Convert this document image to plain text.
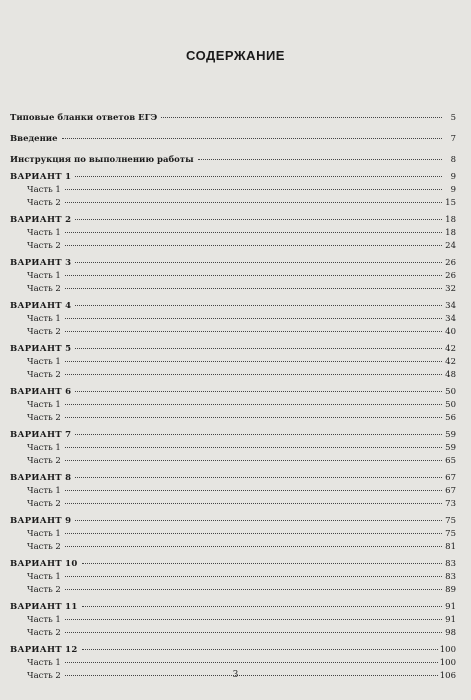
СОДЕРЖАНИЕ
Типовые бланки ответов ЕГЭ	5
Введение	7
Инструкция по выполнению работы	8
ВАРИАНТ 1	9
Часть 1	9
Часть 2	15
ВАРИАНТ 2	18
Часть 1	18
Часть 2	24
ВАРИАНТ 3	26
Часть 1	26
Часть 2	32
ВАРИАНТ 4	34
Часть 1	34
Часть 2	40
ВАРИАНТ 5	42
Часть 1	42
Часть 2	48
ВАРИАНТ 6	50
Часть 1	50
Часть 2	56
ВАРИАНТ 7	59
Часть 1	59
Часть 2	65
ВАРИАНТ 8	67
Часть 1	67
Часть 2	73
ВАРИАНТ 9	75
Часть 1	75
Часть 2	81
ВАРИАНТ 10	83
Часть 1	83
Часть 2	89
ВАРИАНТ 11	91
Часть 1	91
Часть 2	98
ВАРИАНТ 12	100
Часть 1	100
Часть 2	106
3
